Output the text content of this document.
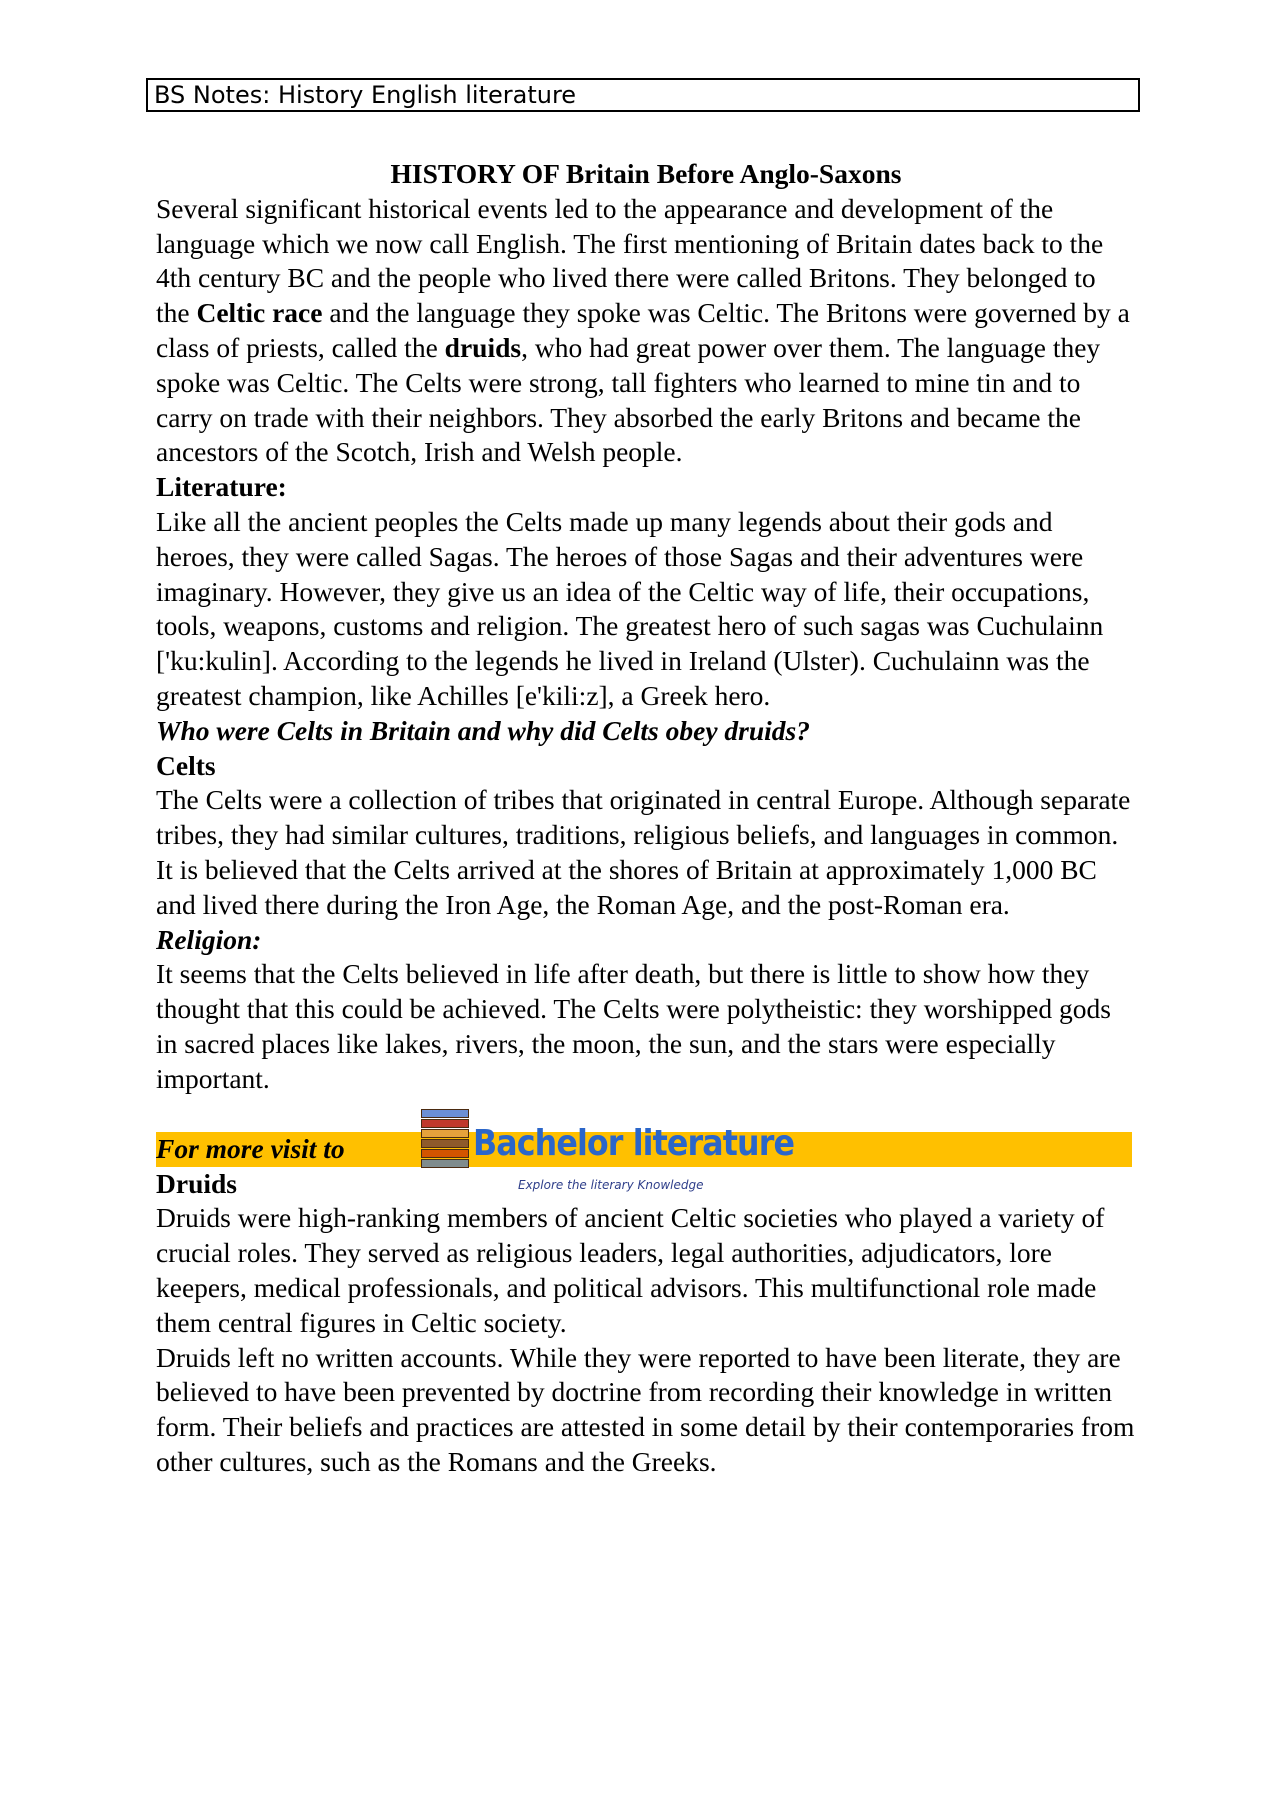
BS Notes: History English literature

HISTORY OF Britain Before Anglo-Saxons

Several significant historical events led to the appearance and development of the language which we now call English. The first mentioning of Britain dates back to the 4th century BC and the people who lived there were called Britons. They belonged to the Celtic race and the language they spoke was Celtic. The Britons were governed by a class of priests, called the druids, who had great power over them. The language they spoke was Celtic. The Celts were strong, tall fighters who learned to mine tin and to carry on trade with their neighbors. They absorbed the early Britons and became the ancestors of the Scotch, Irish and Welsh people.

Literature:

Like all the ancient peoples the Celts made up many legends about their gods and heroes, they were called Sagas. The heroes of those Sagas and their adventures were imaginary. However, they give us an idea of the Celtic way of life, their occupations, tools, weapons, customs and religion. The greatest hero of such sagas was Cuchulainn ['ku:kulin]. According to the legends he lived in Ireland (Ulster). Cuchulainn was the greatest champion, like Achilles [e'kili:z], a Greek hero.

Who were Celts in Britain and why did Celts obey druids?

Celts

The Celts were a collection of tribes that originated in central Europe. Although separate tribes, they had similar cultures, traditions, religious beliefs, and languages in common. It is believed that the Celts arrived at the shores of Britain at approximately 1,000 BC and lived there during the Iron Age, the Roman Age, and the post-Roman era.

Religion:

It seems that the Celts believed in life after death, but there is little to show how they thought that this could be achieved. The Celts were polytheistic: they worshipped gods in sacred places like lakes, rivers, the moon, the sun, and the stars were especially important.

For more visit to	Bachelor literature
Explore the literary Knowledge

Druids

Druids were high-ranking members of ancient Celtic societies who played a variety of crucial roles. They served as religious leaders, legal authorities, adjudicators, lore keepers, medical professionals, and political advisors. This multifunctional role made them central figures in Celtic society.

Druids left no written accounts. While they were reported to have been literate, they are believed to have been prevented by doctrine from recording their knowledge in written form. Their beliefs and practices are attested in some detail by their contemporaries from other cultures, such as the Romans and the Greeks.
